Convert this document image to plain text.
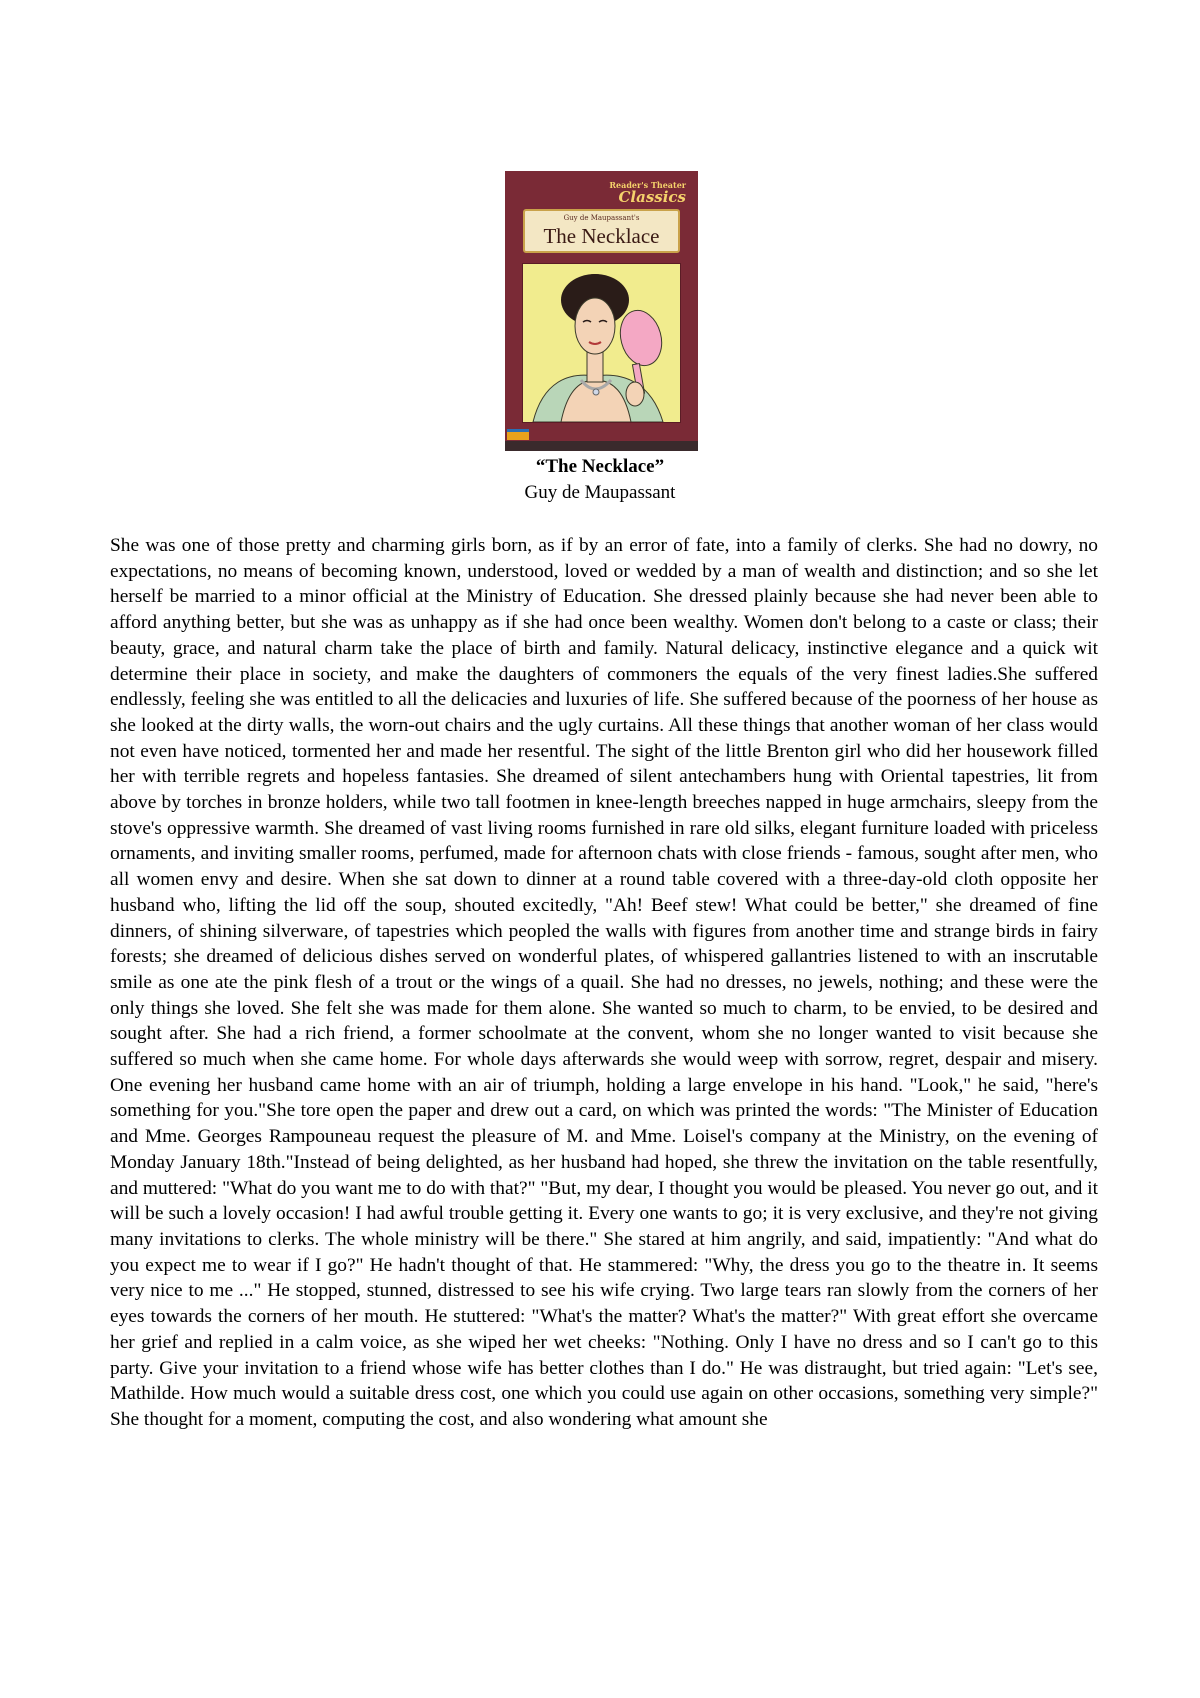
Reader's Theater
Classics
Guy de Maupassant's
The Necklace
“The Necklace”
Guy de Maupassant

She was one of those pretty and charming girls born, as if by an error of fate, into a family of clerks. She had no dowry, no expectations, no means of becoming known, understood, loved or wedded by a man of wealth and distinction; and so she let herself be married to a minor official at the Ministry of Education. She dressed plainly because she had never been able to afford anything better, but she was as unhappy as if she had once been wealthy. Women don't belong to a caste or class; their beauty, grace, and natural charm take the place of birth and family. Natural delicacy, instinctive elegance and a quick wit determine their place in society, and make the daughters of commoners the equals of the very finest ladies.She suffered endlessly, feeling she was entitled to all the delicacies and luxuries of life. She suffered because of the poorness of her house as she looked at the dirty walls, the worn-out chairs and the ugly curtains. All these things that another woman of her class would not even have noticed, tormented her and made her resentful. The sight of the little Brenton girl who did her housework filled her with terrible regrets and hopeless fantasies. She dreamed of silent antechambers hung with Oriental tapestries, lit from above by torches in bronze holders, while two tall footmen in knee-length breeches napped in huge armchairs, sleepy from the stove's oppressive warmth. She dreamed of vast living rooms furnished in rare old silks, elegant furniture loaded with priceless ornaments, and inviting smaller rooms, perfumed, made for afternoon chats with close friends - famous, sought after men, who all women envy and desire. When she sat down to dinner at a round table covered with a three-day-old cloth opposite her husband who, lifting the lid off the soup, shouted excitedly, "Ah! Beef stew! What could be better," she dreamed of fine dinners, of shining silverware, of tapestries which peopled the walls with figures from another time and strange birds in fairy forests; she dreamed of delicious dishes served on wonderful plates, of whispered gallantries listened to with an inscrutable smile as one ate the pink flesh of a trout or the wings of a quail. She had no dresses, no jewels, nothing; and these were the only things she loved. She felt she was made for them alone. She wanted so much to charm, to be envied, to be desired and sought after. She had a rich friend, a former schoolmate at the convent, whom she no longer wanted to visit because she suffered so much when she came home. For whole days afterwards she would weep with sorrow, regret, despair and misery. One evening her husband came home with an air of triumph, holding a large envelope in his hand. "Look," he said, "here's something for you."She tore open the paper and drew out a card, on which was printed the words: "The Minister of Education and Mme. Georges Rampouneau request the pleasure of M. and Mme. Loisel's company at the Ministry, on the evening of Monday January 18th."Instead of being delighted, as her husband had hoped, she threw the invitation on the table resentfully, and muttered: "What do you want me to do with that?" "But, my dear, I thought you would be pleased. You never go out, and it will be such a lovely occasion! I had awful trouble getting it. Every one wants to go; it is very exclusive, and they're not giving many invitations to clerks. The whole ministry will be there." She stared at him angrily, and said, impatiently: "And what do you expect me to wear if I go?" He hadn't thought of that. He stammered: "Why, the dress you go to the theatre in. It seems very nice to me ..." He stopped, stunned, distressed to see his wife crying. Two large tears ran slowly from the corners of her eyes towards the corners of her mouth. He stuttered: "What's the matter? What's the matter?" With great effort she overcame her grief and replied in a calm voice, as she wiped her wet cheeks: "Nothing. Only I have no dress and so I can't go to this party. Give your invitation to a friend whose wife has better clothes than I do." He was distraught, but tried again: "Let's see, Mathilde. How much would a suitable dress cost, one which you could use again on other occasions, something very simple?" She thought for a moment, computing the cost, and also wondering what amount she
